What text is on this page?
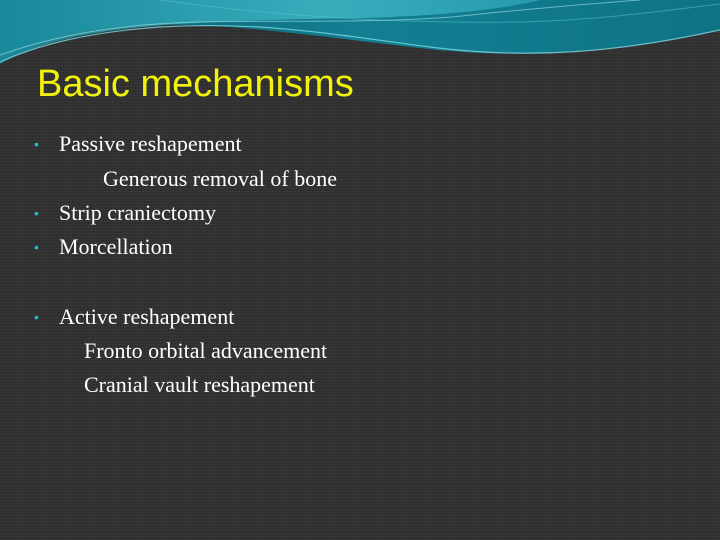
Basic mechanisms
• Passive reshapement
Generous removal of bone
• Strip craniectomy
• Morcellation
• Active reshapement
Fronto orbital advancement
Cranial vault reshapement
